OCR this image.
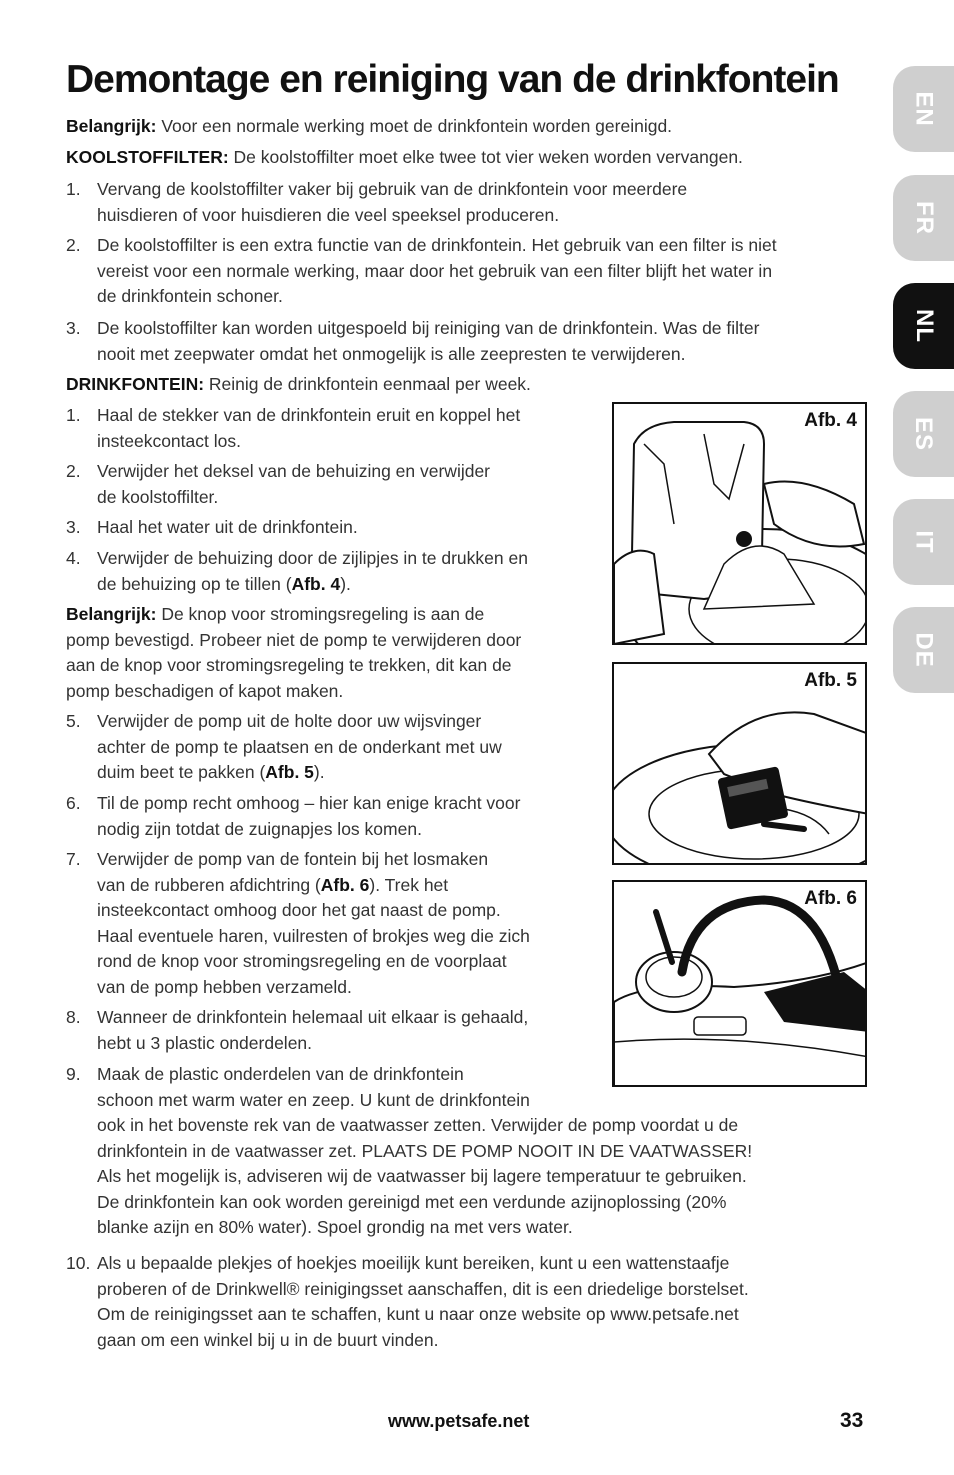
Demontage en reiniging van de drinkfontein
EN
FR
NL
ES
IT
DE
Belangrijk: Voor een normale werking moet de drinkfontein worden gereinigd.
KOOLSTOFFILTER: De koolstoffilter moet elke twee tot vier weken worden vervangen.
1. Vervang de koolstoffilter vaker bij gebruik van de drinkfontein voor meerdere
huisdieren of voor huisdieren die veel speeksel produceren.
2. De koolstoffilter is een extra functie van de drinkfontein. Het gebruik van een filter is niet
vereist voor een normale werking, maar door het gebruik van een filter blijft het water in
de drinkfontein schoner.
3. De koolstoffilter kan worden uitgespoeld bij reiniging van de drinkfontein. Was de filter
nooit met zeepwater omdat het onmogelijk is alle zeepresten te verwijderen.
DRINKFONTEIN: Reinig de drinkfontein eenmaal per week.
1. Haal de stekker van de drinkfontein eruit en koppel het
insteekcontact los.
2. Verwijder het deksel van de behuizing en verwijder
de koolstoffilter.
3. Haal het water uit de drinkfontein.
4. Verwijder de behuizing door de zijlipjes in te drukken en
de behuizing op te tillen (Afb. 4).
Belangrijk: De knop voor stromingsregeling is aan de
pomp bevestigd. Probeer niet de pomp te verwijderen door
aan de knop voor stromingsregeling te trekken, dit kan de
pomp beschadigen of kapot maken.
5. Verwijder de pomp uit de holte door uw wijsvinger
achter de pomp te plaatsen en de onderkant met uw
duim beet te pakken (Afb. 5).
6. Til de pomp recht omhoog – hier kan enige kracht voor
nodig zijn totdat de zuignapjes los komen.
7. Verwijder de pomp van de fontein bij het losmaken
van de rubberen afdichtring (Afb. 6). Trek het
insteekcontact omhoog door het gat naast de pomp.
Haal eventuele haren, vuilresten of brokjes weg die zich
rond de knop voor stromingsregeling en de voorplaat
van de pomp hebben verzameld.
8. Wanneer de drinkfontein helemaal uit elkaar is gehaald,
hebt u 3 plastic onderdelen.
9. Maak de plastic onderdelen van de drinkfontein
schoon met warm water en zeep. U kunt de drinkfontein
ook in het bovenste rek van de vaatwasser zetten. Verwijder de pomp voordat u de
drinkfontein in de vaatwasser zet. PLAATS DE POMP NOOIT IN DE VAATWASSER!
Als het mogelijk is, adviseren wij de vaatwasser bij lagere temperatuur te gebruiken.
De drinkfontein kan ook worden gereinigd met een verdunde azijnoplossing (20%
blanke azijn en 80% water). Spoel grondig na met vers water.
10. Als u bepaalde plekjes of hoekjes moeilijk kunt bereiken, kunt u een wattenstaafje
proberen of de Drinkwell® reinigingsset aanschaffen, dit is een driedelige borstelset.
Om de reinigingsset aan te schaffen, kunt u naar onze website op www.petsafe.net
gaan om een winkel bij u in de buurt vinden.
Afb. 4
Afb. 5
Afb. 6
www.petsafe.net	33
